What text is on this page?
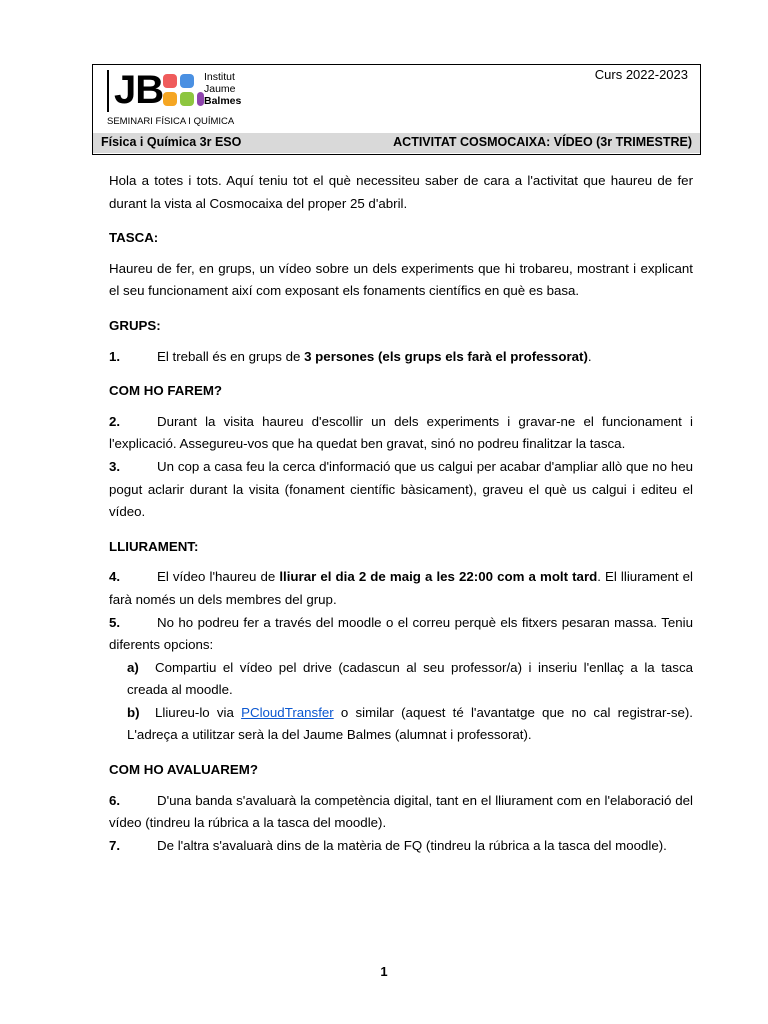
JB	Institut
Jaume
Balmes
SEMINARI FÍSICA I QUÍMICA
Curs 2022-2023
Física i Química 3r ESO	ACTIVITAT COSMOCAIXA: VÍDEO (3r TRIMESTRE)

Hola a totes i tots. Aquí teniu tot el què necessiteu saber de cara a l'activitat que haureu de fer durant la vista al Cosmocaixa del proper 25 d'abril.

TASCA:

Haureu de fer, en grups, un vídeo sobre un dels experiments que hi trobareu, mostrant i explicant el seu funcionament així com exposant els fonaments científics en què es basa.

GRUPS:

1.	El treball és en grups de 3 persones (els grups els farà el professorat).

COM HO FAREM?

2.	Durant la visita haureu d'escollir un dels experiments i gravar-ne el funcionament i l'explicació. Assegureu-vos que ha quedat ben gravat, sinó no podreu finalitzar la tasca.

3.	Un cop a casa feu la cerca d'informació que us calgui per acabar d'ampliar allò que no heu pogut aclarir durant la visita (fonament científic bàsicament), graveu el què us calgui i editeu el vídeo.

LLIURAMENT:

4.	El vídeo l'haureu de lliurar el dia 2 de maig a les 22:00 com a molt tard. El lliurament el farà només un dels membres del grup.

5.	No ho podreu fer a través del moodle o el correu perquè els fitxers pesaran massa. Teniu diferents opcions:

a) Compartiu el vídeo pel drive (cadascun al seu professor/a) i inseriu l'enllaç a la tasca creada al moodle.

b) Lliureu-lo via PCloudTransfer o similar (aquest té l'avantatge que no cal registrar-se). L'adreça a utilitzar serà la del Jaume Balmes (alumnat i professorat).

COM HO AVALUAREM?

6.	D'una banda s'avaluarà la competència digital, tant en el lliurament com en l'elaboració del vídeo (tindreu la rúbrica a la tasca del moodle).

7.	De l'altra s'avaluarà dins de la matèria de FQ (tindreu la rúbrica a la tasca del moodle).

1
